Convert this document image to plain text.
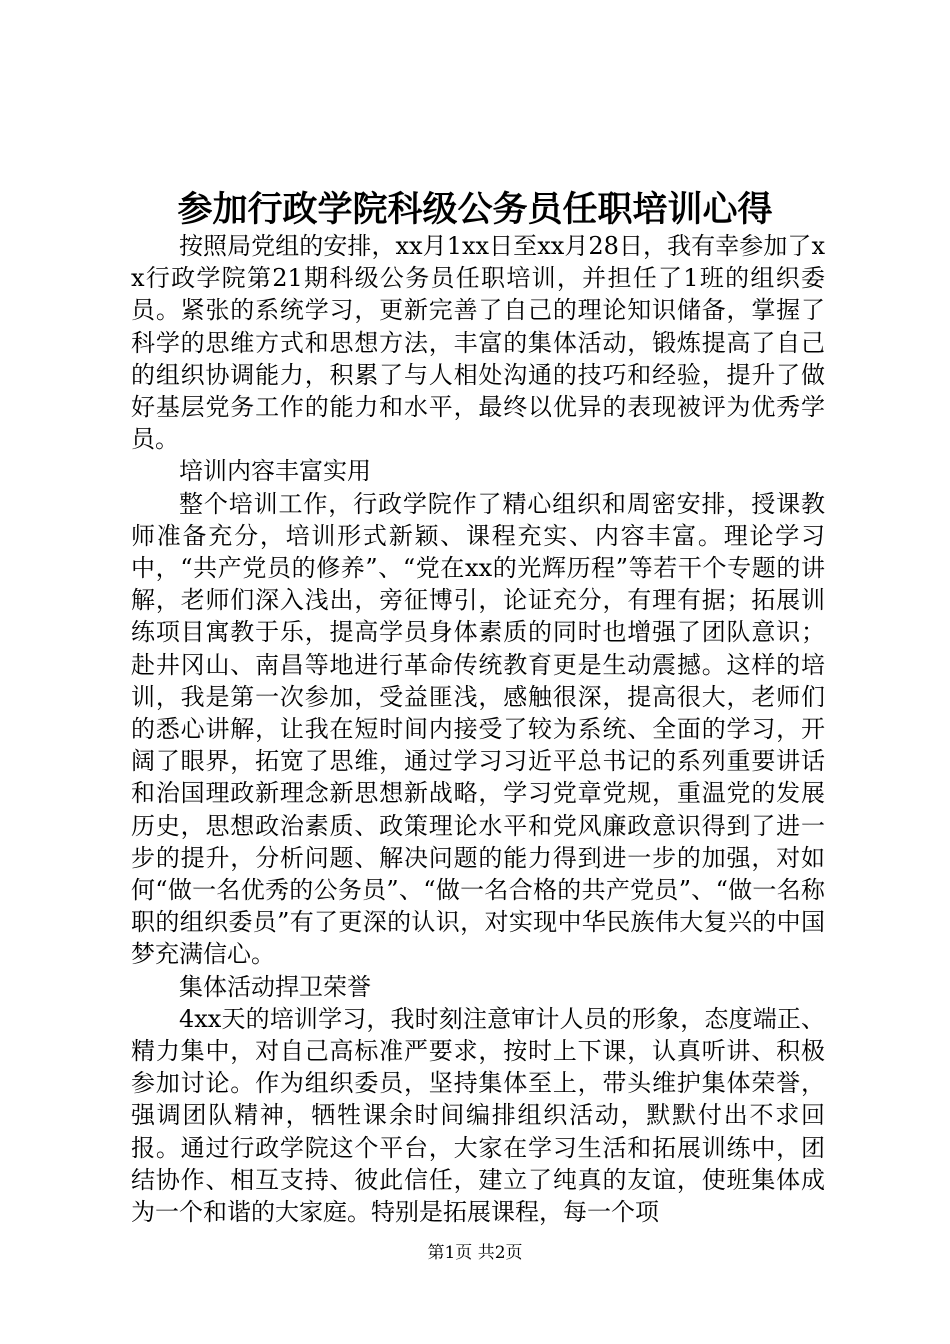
参加行政学院科级公务员任职培训心得

按照局党组的安排，xx月1xx日至xx月28日，我有幸参加了xx行政学院第21期科级公务员任职培训，并担任了1班的组织委员。紧张的系统学习，更新完善了自己的理论知识储备，掌握了科学的思维方式和思想方法，丰富的集体活动，锻炼提高了自己的组织协调能力，积累了与人相处沟通的技巧和经验，提升了做好基层党务工作的能力和水平，最终以优异的表现被评为优秀学员。

培训内容丰富实用

整个培训工作，行政学院作了精心组织和周密安排，授课教师准备充分，培训形式新颖、课程充实、内容丰富。理论学习中，“共产党员的修养”、“党在xx的光辉历程”等若干个专题的讲解，老师们深入浅出，旁征博引，论证充分，有理有据；拓展训练项目寓教于乐，提高学员身体素质的同时也增强了团队意识；赴井冈山、南昌等地进行革命传统教育更是生动震撼。这样的培训，我是第一次参加，受益匪浅，感触很深，提高很大，老师们的悉心讲解，让我在短时间内接受了较为系统、全面的学习，开阔了眼界，拓宽了思维，通过学习习近平总书记的系列重要讲话和治国理政新理念新思想新战略，学习党章党规，重温党的发展历史，思想政治素质、政策理论水平和党风廉政意识得到了进一步的提升，分析问题、解决问题的能力得到进一步的加强，对如何“做一名优秀的公务员”、“做一名合格的共产党员”、“做一名称职的组织委员”有了更深的认识，对实现中华民族伟大复兴的中国梦充满信心。

集体活动捍卫荣誉

4xx天的培训学习，我时刻注意审计人员的形象，态度端正、精力集中，对自己高标准严要求，按时上下课，认真听讲、积极参加讨论。作为组织委员，坚持集体至上，带头维护集体荣誉，强调团队精神，牺牲课余时间编排组织活动，默默付出不求回报。通过行政学院这个平台，大家在学习生活和拓展训练中，团结协作、相互支持、彼此信任，建立了纯真的友谊，使班集体成为一个和谐的大家庭。特别是拓展课程，每一个项

第1页 共2页
